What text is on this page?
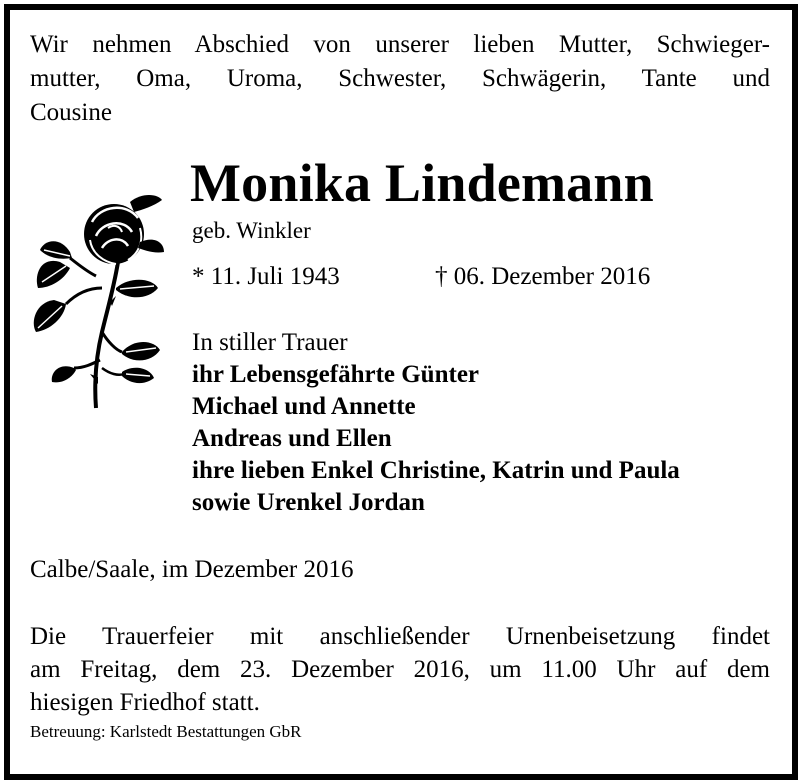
Wir nehmen Abschied von unserer lieben Mutter, Schwieger-
mutter, Oma, Uroma, Schwester, Schwägerin, Tante und
Cousine
Monika Lindemann
geb. Winkler
* 11. Juli 1943	† 06. Dezember 2016
In stiller Trauer
ihr Lebensgefährte Günter
Michael und Annette
Andreas und Ellen
ihre lieben Enkel Christine, Katrin und Paula
sowie Urenkel Jordan
Calbe/Saale, im Dezember 2016
Die Trauerfeier mit anschließender Urnenbeisetzung findet
am Freitag, dem 23. Dezember 2016, um 11.00 Uhr auf dem
hiesigen Friedhof statt.
Betreuung: Karlstedt Bestattungen GbR
